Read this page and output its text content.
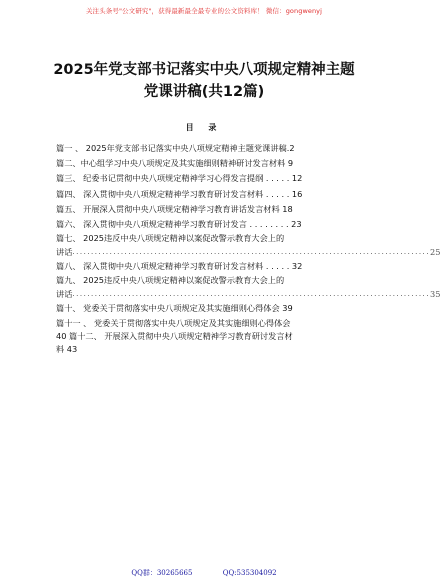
关注头条号"公文研究"，获得最新最全最专业的公文资料库！ 微信：gongwenyj
2025年党支部书记落实中央八项规定精神主题
党课讲稿(共12篇)
目 录
篇一 、 2025年党支部书记落实中央八项规定精神主题党课讲稿.2
篇二、中心组学习中央八项规定及其实施细则精神研讨发言材料 9
篇三、 纪委书记贯彻中央八项规定精神学习心得发言提纲 . . . . . 12
篇四、 深入贯彻中央八项规定精神学习教育研讨发言材料 . . . . . 16
篇五、 开展深入贯彻中央八项规定精神学习教育讲话发言材料 18
篇六、 深入贯彻中央八项规定精神学习教育研讨发言 . . . . . . . . 23
篇七、 2025违反中央八项规定精神以案促改警示教育大会上的
讲话 ................................................................................................ 25
篇八、 深入贯彻中央八项规定精神学习教育研讨发言材料 . . . . . 32
篇九、 2025违反中央八项规定精神以案促改警示教育大会上的
讲话 ................................................................................................ 35
篇十、 党委关于贯彻落实中央八项规定及其实施细则心得体会 39
篇十一 、 党委关于贯彻落实中央八项规定及其实施细则心得体会
40 篇十二、 开展深入贯彻中央八项规定精神学习教育研讨发言材
料 43
QQ群：30265665	QQ:535304092
